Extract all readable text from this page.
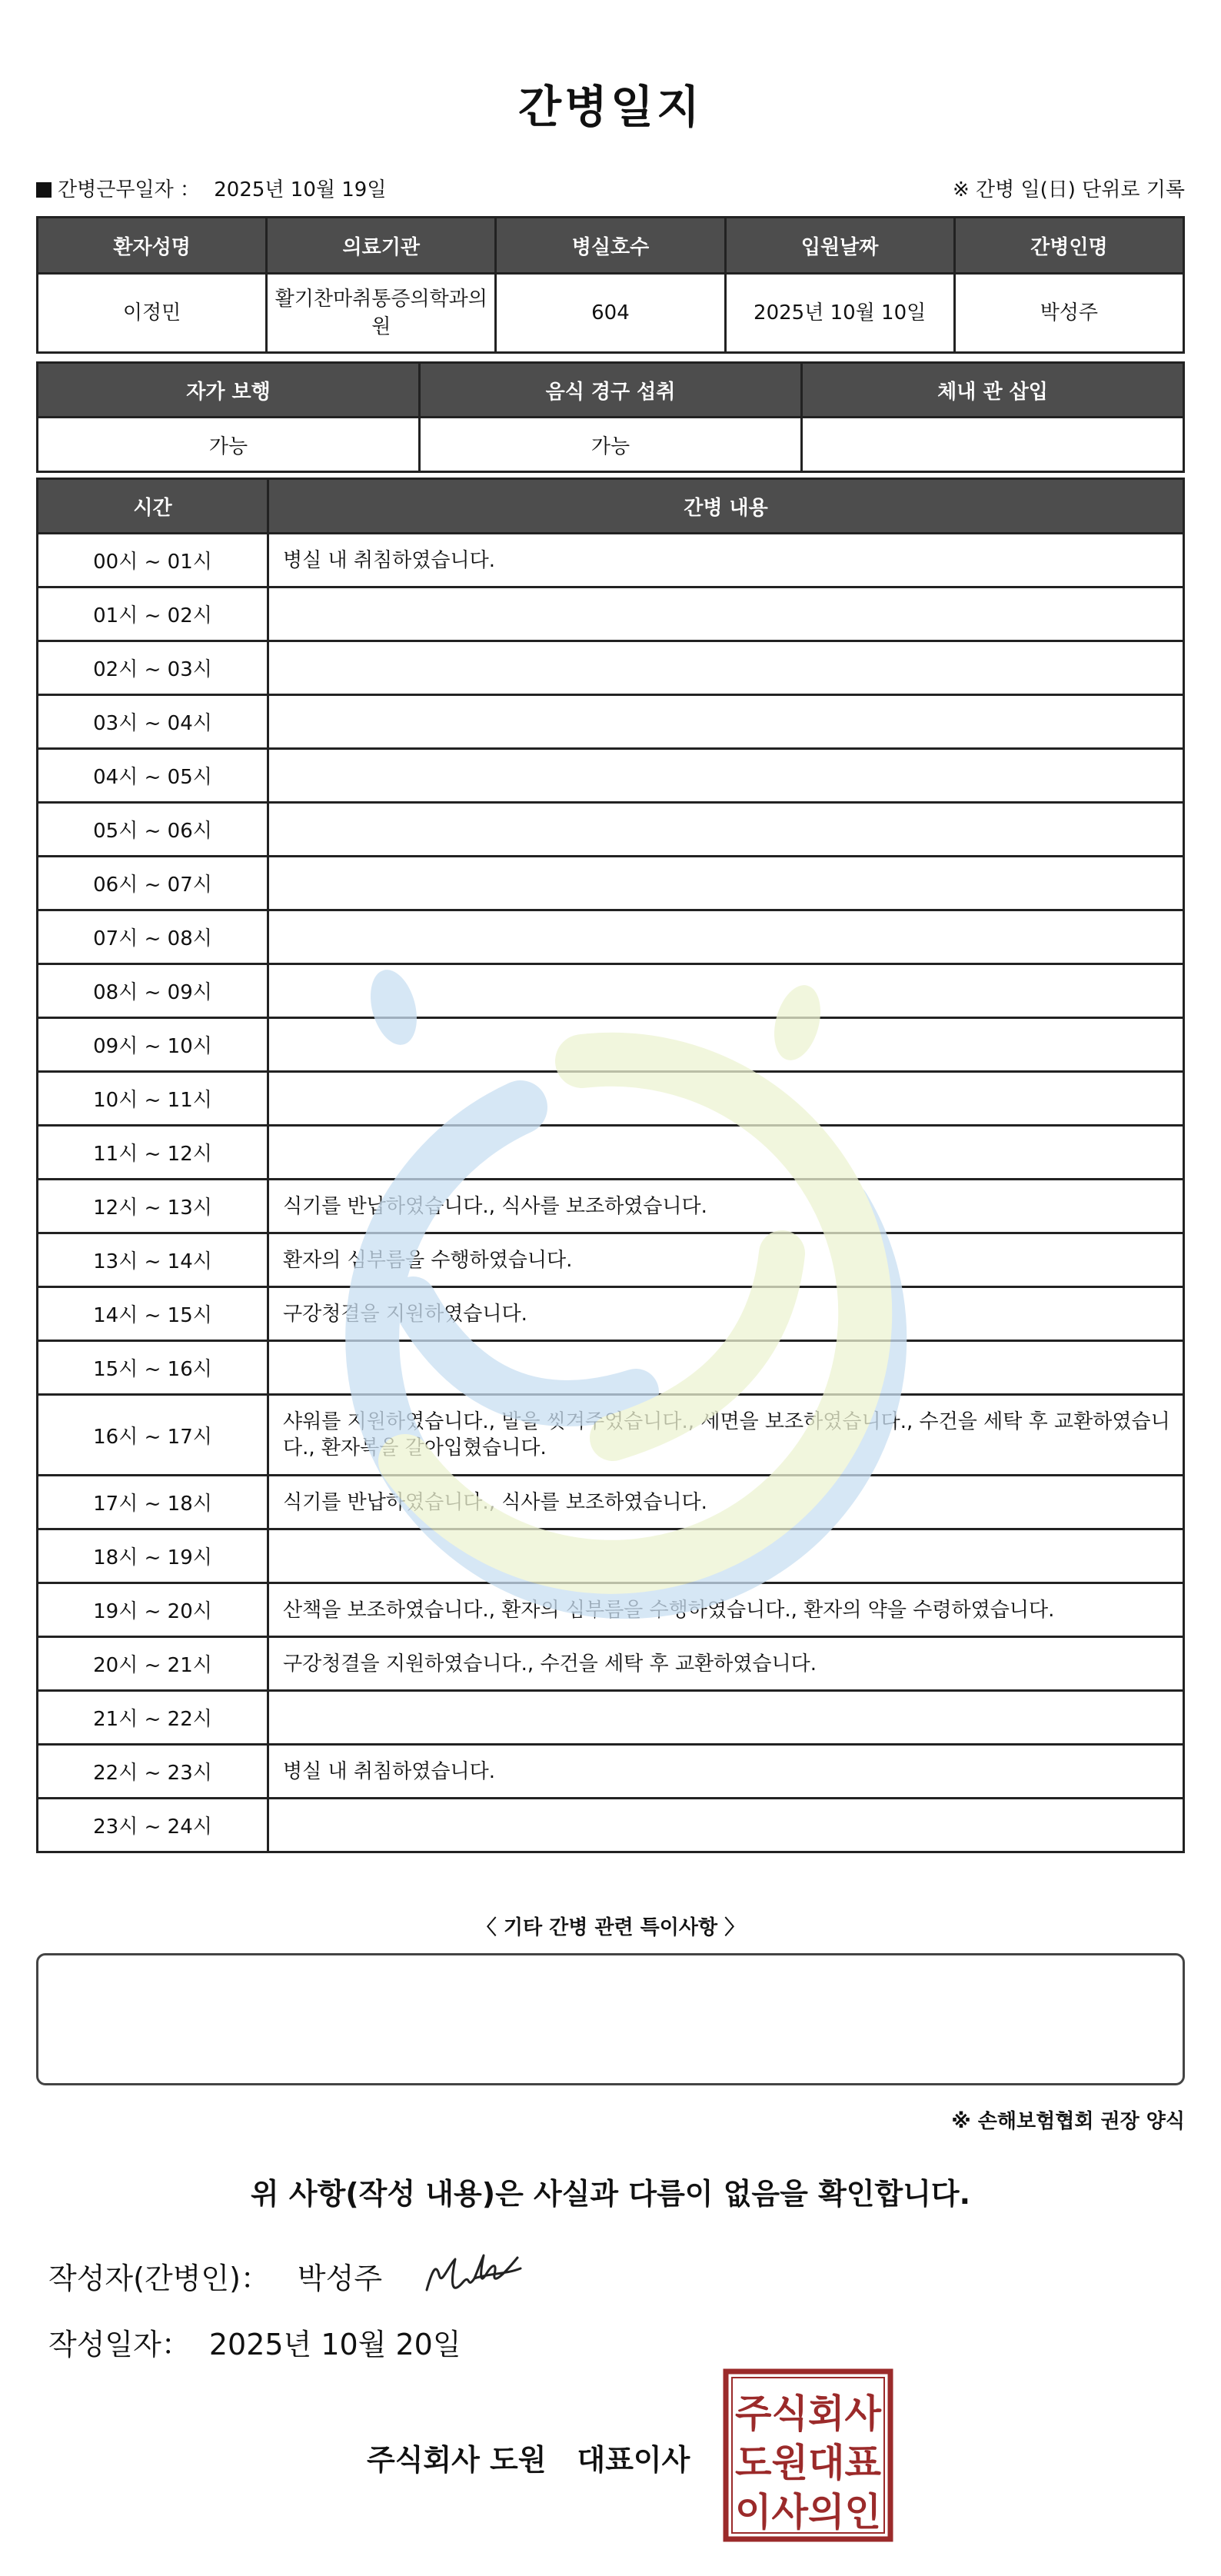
간병일지
간병근무일자 ： 2025년 10월 19일	※ 간병 일(日) 단위로 기록
환자성명	의료기관	병실호수	입원날짜	간병인명
이정민	활기찬마취통증의학과의원	604	2025년 10월 10일	박성주
자가 보행	음식 경구 섭취	체내 관 삽입
가능	가능	
시간	간병 내용
00시 ~ 01시	병실 내 취침하였습니다.
01시 ~ 02시	
02시 ~ 03시	
03시 ~ 04시	
04시 ~ 05시	
05시 ~ 06시	
06시 ~ 07시	
07시 ~ 08시	
08시 ~ 09시	
09시 ~ 10시	
10시 ~ 11시	
11시 ~ 12시	
12시 ~ 13시	식기를 반납하였습니다., 식사를 보조하였습니다.
13시 ~ 14시	환자의 심부름을 수행하였습니다.
14시 ~ 15시	구강청결을 지원하였습니다.
15시 ~ 16시	
16시 ~ 17시	샤워를 지원하였습니다., 발을 씻겨주었습니다., 세면을 보조하였습니다., 수건을 세탁 후 교환하였습니다., 환자복을 갈아입혔습니다.
17시 ~ 18시	식기를 반납하였습니다., 식사를 보조하였습니다.
18시 ~ 19시	
19시 ~ 20시	산책을 보조하였습니다., 환자의 심부름을 수행하였습니다., 환자의 약을 수령하였습니다.
20시 ~ 21시	구강청결을 지원하였습니다., 수건을 세탁 후 교환하였습니다.
21시 ~ 22시	
22시 ~ 23시	병실 내 취침하였습니다.
23시 ~ 24시	
〈 기타 간병 관련 특이사항 〉
※ 손해보험협회 권장 양식
위 사항(작성 내용)은 사실과 다름이 없음을 확인합니다.
작성자(간병인)： 박성주
작성일자： 2025년 10월 20일
주식회사 도원 대표이사
주식회사
도원대표
이사의인
